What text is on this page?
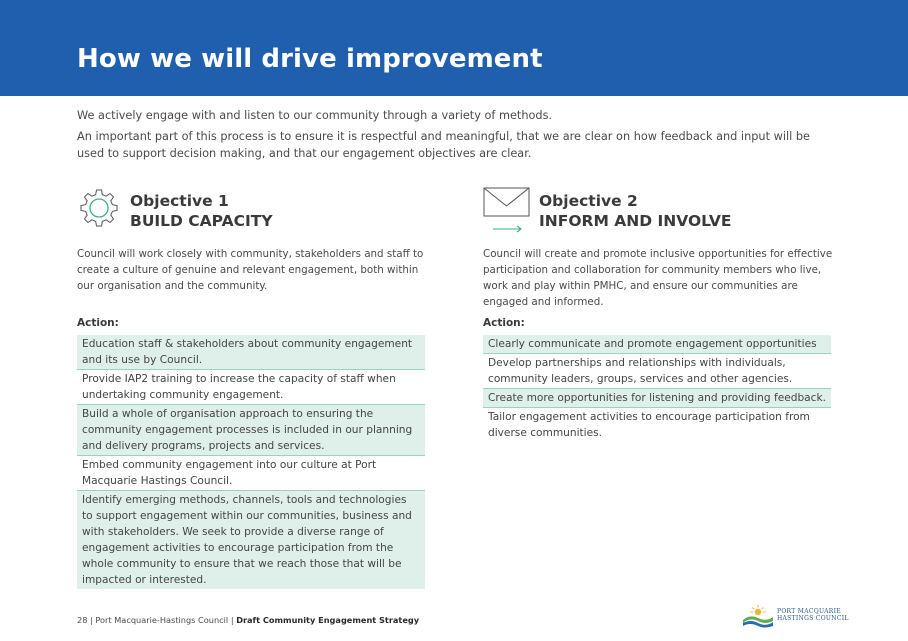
How we will drive improvement

We actively engage with and listen to our community through a variety of methods.

An important part of this process is to ensure it is respectful and meaningful, that we are clear on how feedback and input will be used to support decision making, and that our engagement objectives are clear.

Objective 1
BUILD CAPACITY

Council will work closely with community, stakeholders and staff to create a culture of genuine and relevant engagement, both within our organisation and the community.

Action:
Education staff & stakeholders about community engagement and its use by Council.
Provide IAP2 training to increase the capacity of staff when undertaking community engagement.
Build a whole of organisation approach to ensuring the community engagement processes is included in our planning and delivery programs, projects and services.
Embed community engagement into our culture at Port Macquarie Hastings Council.
Identify emerging methods, channels, tools and technologies to support engagement within our communities, business and with stakeholders. We seek to provide a diverse range of engagement activities to encourage participation from the whole community to ensure that we reach those that will be impacted or interested.
Objective 2
INFORM AND INVOLVE

Council will create and promote inclusive opportunities for effective participation and collaboration for community members who live, work and play within PMHC, and ensure our communities are engaged and informed.

Action:
Clearly communicate and promote engagement opportunities
Develop partnerships and relationships with individuals, community leaders, groups, services and other agencies.
Create more opportunities for listening and providing feedback.
Tailor engagement activities to encourage participation from diverse communities.
28 | Port Macquarie-Hastings Council | Draft Community Engagement Strategy
PORT MACQUARIE
HASTINGS COUNCIL
